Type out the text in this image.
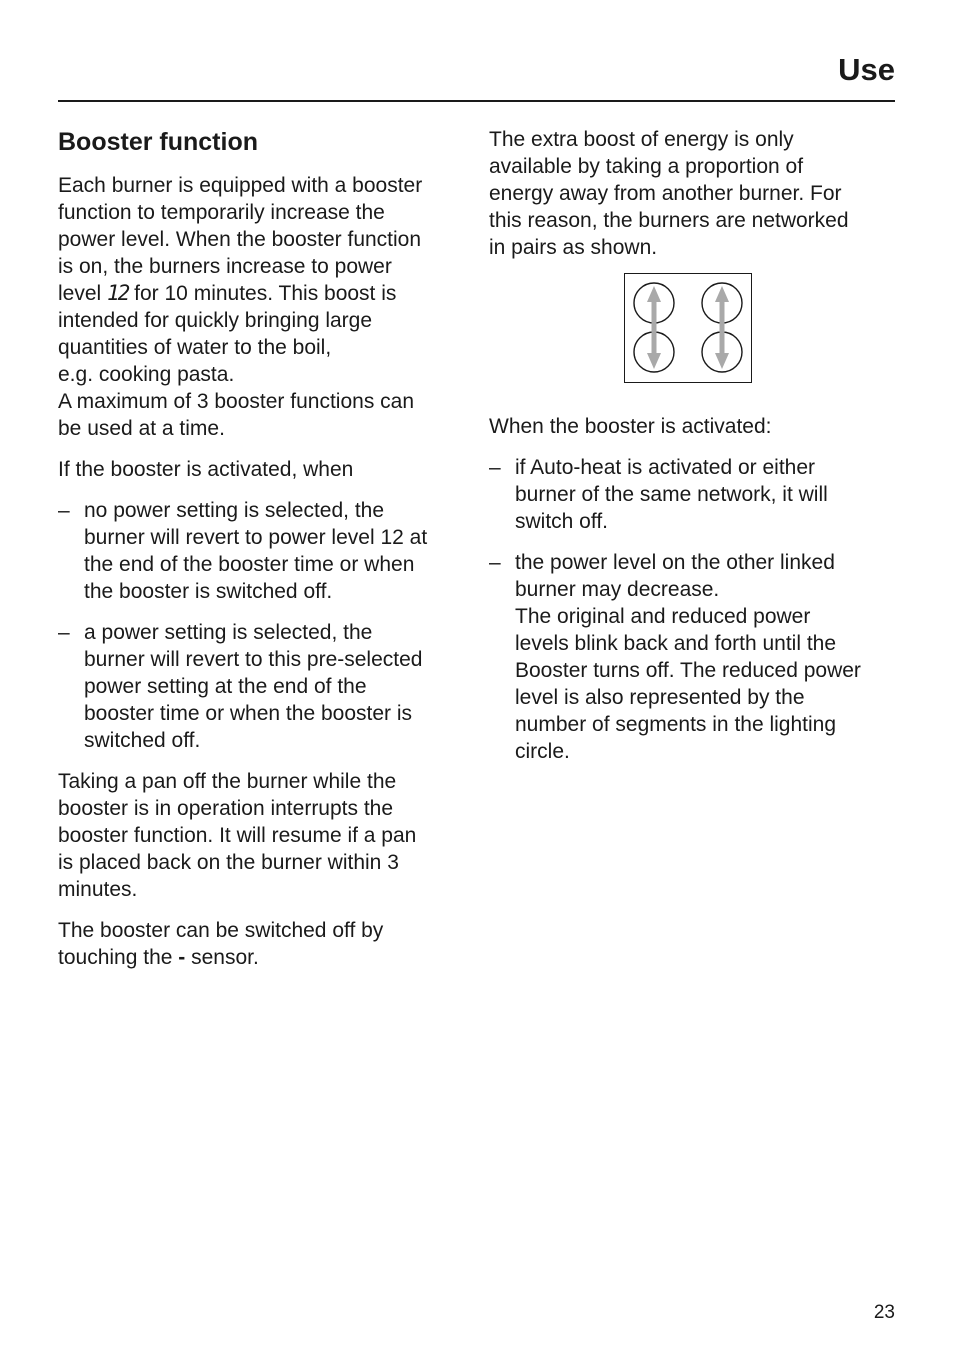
Use
Booster function

Each burner is equipped with a booster
function to temporarily increase the
power level. When the booster function
is on, the burners increase to power
level 12 for 10 minutes. This boost is
intended for quickly bringing large
quantities of water to the boil,
e.g. cooking pasta.
A maximum of 3 booster functions can
be used at a time.

If the booster is activated, when

– no power setting is selected, the
burner will revert to power level 12 at
the end of the booster time or when
the booster is switched off.
– a power setting is selected, the
burner will revert to this pre-selected
power setting at the end of the
booster time or when the booster is
switched off.

Taking a pan off the burner while the
booster is in operation interrupts the
booster function. It will resume if a pan
is placed back on the burner within 3
minutes.

The booster can be switched off by
touching the - sensor.

The extra boost of energy is only
available by taking a proportion of
energy away from another burner. For
this reason, the burners are networked
in pairs as shown.

When the booster is activated:

– if Auto-heat is activated or either
burner of the same network, it will
switch off.
– the power level on the other linked
burner may decrease.
The original and reduced power
levels blink back and forth until the
Booster turns off. The reduced power
level is also represented by the
number of segments in the lighting
circle.
23
